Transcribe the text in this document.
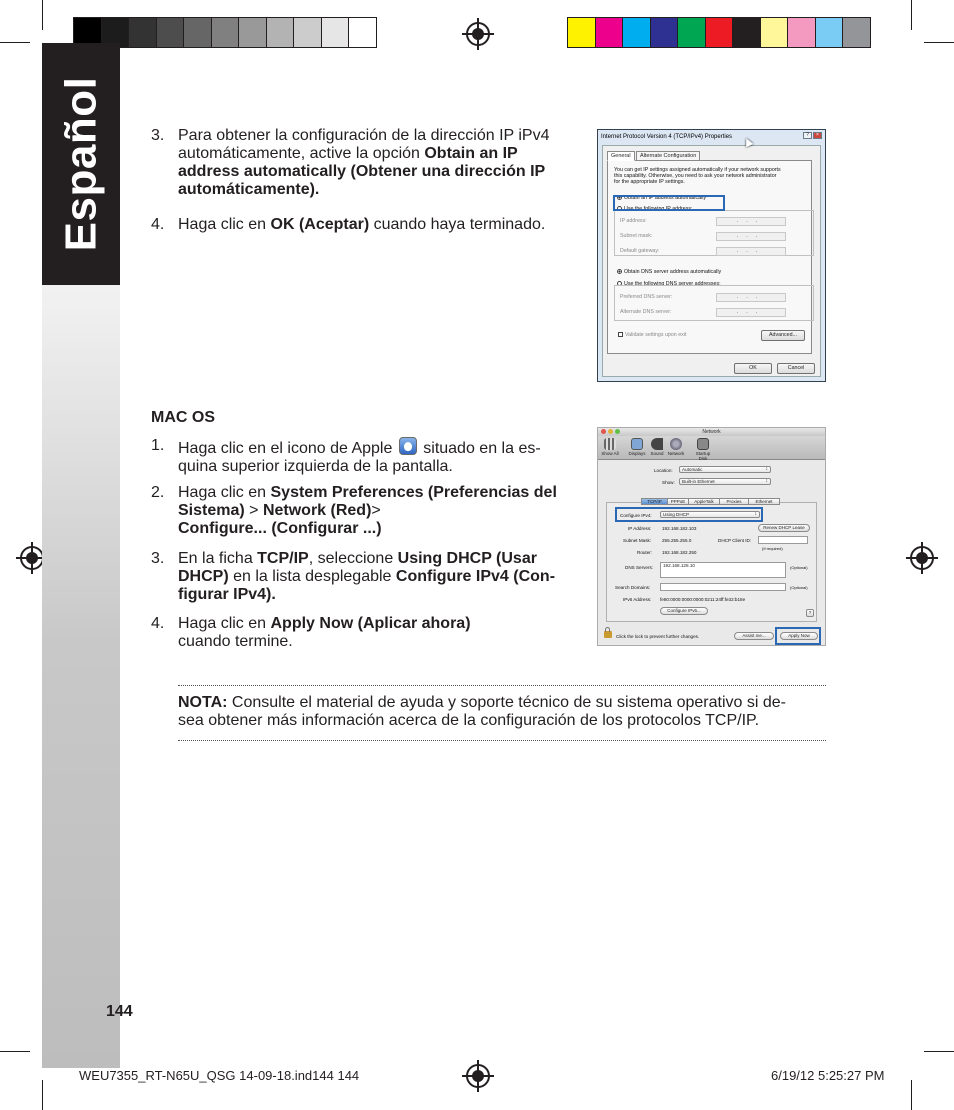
Español	3. Para obtener la configuración de la dirección IP iPv4
automáticamente, active la opción Obtain an IP
address automatically (Obtener una dirección IP
automáticamente).
4. Haga clic en OK (Aceptar) cuando haya terminado.
MAC OS
1. Haga clic en el icono de Apple  situado en la es-
quina superior izquierda de la pantalla.
2. Haga clic en System Preferences (Preferencias del
Sistema) > Network (Red)>
Configure... (Configurar ...)
3. En la ficha TCP/IP, seleccione Using DHCP (Usar
DHCP) en la lista desplegable Configure IPv4 (Con-
figurar IPv4).
4. Haga clic en Apply Now (Aplicar ahora)
cuando termine.
NOTA: Consulte el material de ayuda y soporte técnico de su sistema operativo si de-
sea obtener más información acerca de la configuración de los protocolos TCP/IP.
144
WEU7355_RT-N65U_QSG 14-09-18.ind144 144	6/19/12 5:25:27 PM
Internet Protocol Version 4 (TCP/IPv4) Properties	?	×
General	Alternate Configuration
You can get IP settings assigned automatically if your network supports
this capability. Otherwise, you need to ask your network administrator
for the appropriate IP settings.
Obtain an IP address automatically
Use the following IP address:
IP address:	...
Subnet mask:	...
Default gateway:	...
Obtain DNS server address automatically
Use the following DNS server addresses:
Preferred DNS server:	...
Alternate DNS server:	...
Validate settings upon exit	Advanced...
OK	Cancel
Network
Show All	Displays	Sound Network	Startup Disk
Location:	Automatic ↕
Show:	Built-in Ethernet ↕
TCP/IP	PPPoE	AppleTalk	Proxies	Ethernet
Configure IPv4:	Using DHCP ↕
IP Address: 192.168.182.103	Renew DHCP Lease
Subnet Mask: 255.255.255.0	DHCP Client ID:
(If required)
Router: 192.168.182.250
DNS Servers:	192.168.128.10	(Optional)
Search Domains:	(Optional)
IPv6 Address: fe80:0000:0000:0000:0211:24ff:fe32:b18e
Configure IPv6...	?
Click the lock to prevent further changes.	Assist me...	Apply Now
